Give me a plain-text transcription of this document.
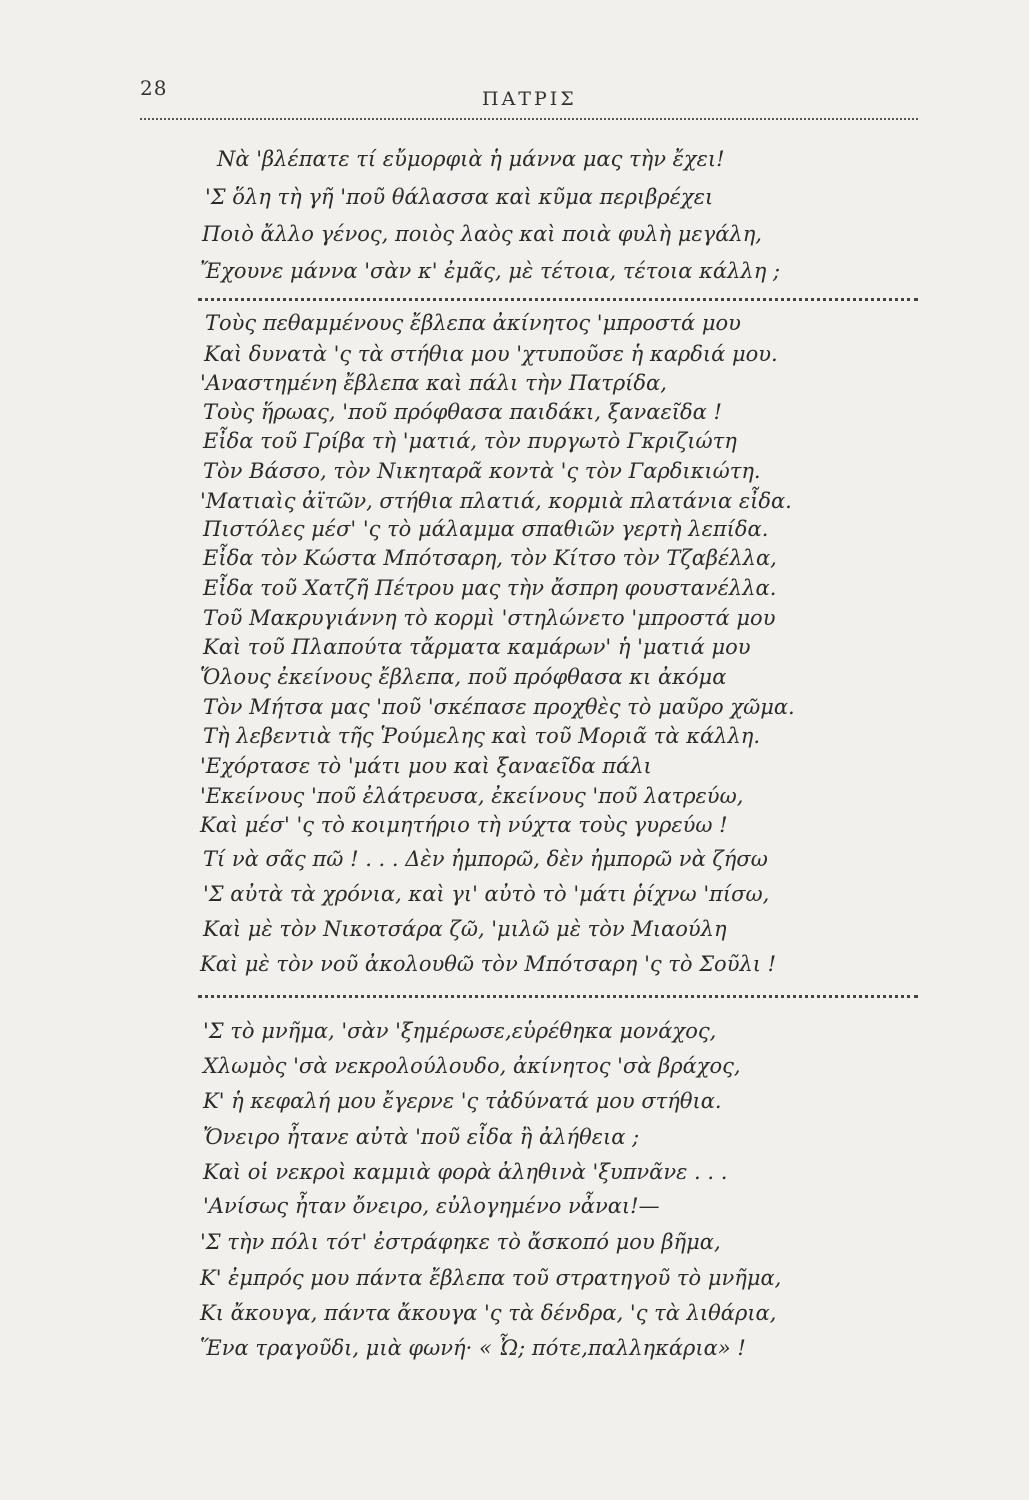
28	ΠΑΤΡΙΣ
Νὰ 'βλέπατε τί εὔμορφιὰ ἡ μάννα μας τὴν ἔχει!
'Σ ὅλη τὴ γῆ 'ποῦ θάλασσα καὶ κῦμα περιβρέχει
Ποιὸ ἄλλο γένος, ποιὸς λαὸς καὶ ποιὰ φυλὴ μεγάλη,
Ἔχουνε μάννα 'σὰν κ' ἐμᾶς, μὲ τέτοια, τέτοια κάλλη ;
Τοὺς πεθαμμένους ἔβλεπα ἀκίνητος 'μπροστά μου
Καὶ δυνατὰ 'ς τὰ στήθια μου 'χτυποῦσε ἡ καρδιά μου.
'Αναστημένη ἔβλεπα καὶ πάλι τὴν Πατρίδα,
Τοὺς ἥρωας, 'ποῦ πρόφθασα παιδάκι, ξαναεῖδα !
Εἶδα τοῦ Γρίβα τὴ 'ματιά, τὸν πυργωτὸ Γκριζιώτη
Τὸν Βάσσο, τὸν Νικηταρᾶ κοντὰ 'ς τὸν Γαρδικιώτη.
'Ματιαὶς ἀϊτῶν, στήθια πλατιά, κορμιὰ πλατάνια εἶδα.
Πιστόλες μέσ' 'ς τὸ μάλαμμα σπαθιῶν γερτὴ λεπίδα.
Εἶδα τὸν Κώστα Μπότσαρη, τὸν Κίτσο τὸν Τζαβέλλα,
Εἶδα τοῦ Χατζῆ Πέτρου μας τὴν ἄσπρη φουστανέλλα.
Τοῦ Μακρυγιάννη τὸ κορμὶ 'στηλώνετο 'μπροστά μου
Καὶ τοῦ Πλαπούτα τἄρματα καμάρων' ἡ 'ματιά μου
Ὅλους ἐκείνους ἔβλεπα, ποῦ πρόφθασα κι ἀκόμα
Τὸν Μήτσα μας 'ποῦ 'σκέπασε προχθὲς τὸ μαῦρο χῶμα.
Τὴ λεβεντιὰ τῆς Ῥούμελης καὶ τοῦ Μοριᾶ τὰ κάλλη.
'Εχόρτασε τὸ 'μάτι μου καὶ ξαναεῖδα πάλι
'Εκείνους 'ποῦ ἐλάτρευσα, ἐκείνους 'ποῦ λατρεύω,
Καὶ μέσ' 'ς τὸ κοιμητήριο τὴ νύχτα τοὺς γυρεύω !
Τί νὰ σᾶς πῶ ! . . . Δὲν ἠμπορῶ, δὲν ἠμπορῶ νὰ ζήσω
'Σ αὐτὰ τὰ χρόνια, καὶ γι' αὐτὸ τὸ 'μάτι ῥίχνω 'πίσω,
Καὶ μὲ τὸν Νικοτσάρα ζῶ, 'μιλῶ μὲ τὸν Μιαούλη
Καὶ μὲ τὸν νοῦ ἀκολουθῶ τὸν Μπότσαρη 'ς τὸ Σοῦλι !
'Σ τὸ μνῆμα, 'σὰν 'ξημέρωσε,εὑρέθηκα μονάχος,
Χλωμὸς 'σὰ νεκρολούλουδο, ἀκίνητος 'σὰ βράχος,
Κ' ἡ κεφαλή μου ἔγερνε 'ς τἀδύνατά μου στήθια.
Ὄνειρο ἦτανε αὐτὰ 'ποῦ εἶδα ἢ ἀλήθεια ;
Καὶ οἱ νεκροὶ καμμιὰ φορὰ ἀληθινὰ 'ξυπνᾶνε . . .
'Ανίσως ἦταν ὄνειρο, εὐλογημένο νἆναι!—
'Σ τὴν πόλι τότ' ἐστράφηκε τὸ ἄσκοπό μου βῆμα,
Κ' ἐμπρός μου πάντα ἔβλεπα τοῦ στρατηγοῦ τὸ μνῆμα,
Κι ἄκουγα, πάντα ἄκουγα 'ς τὰ δένδρα, 'ς τὰ λιθάρια,
Ἕνα τραγοῦδι, μιὰ φωνή· « Ὦ; πότε,παλληκάρια» !
